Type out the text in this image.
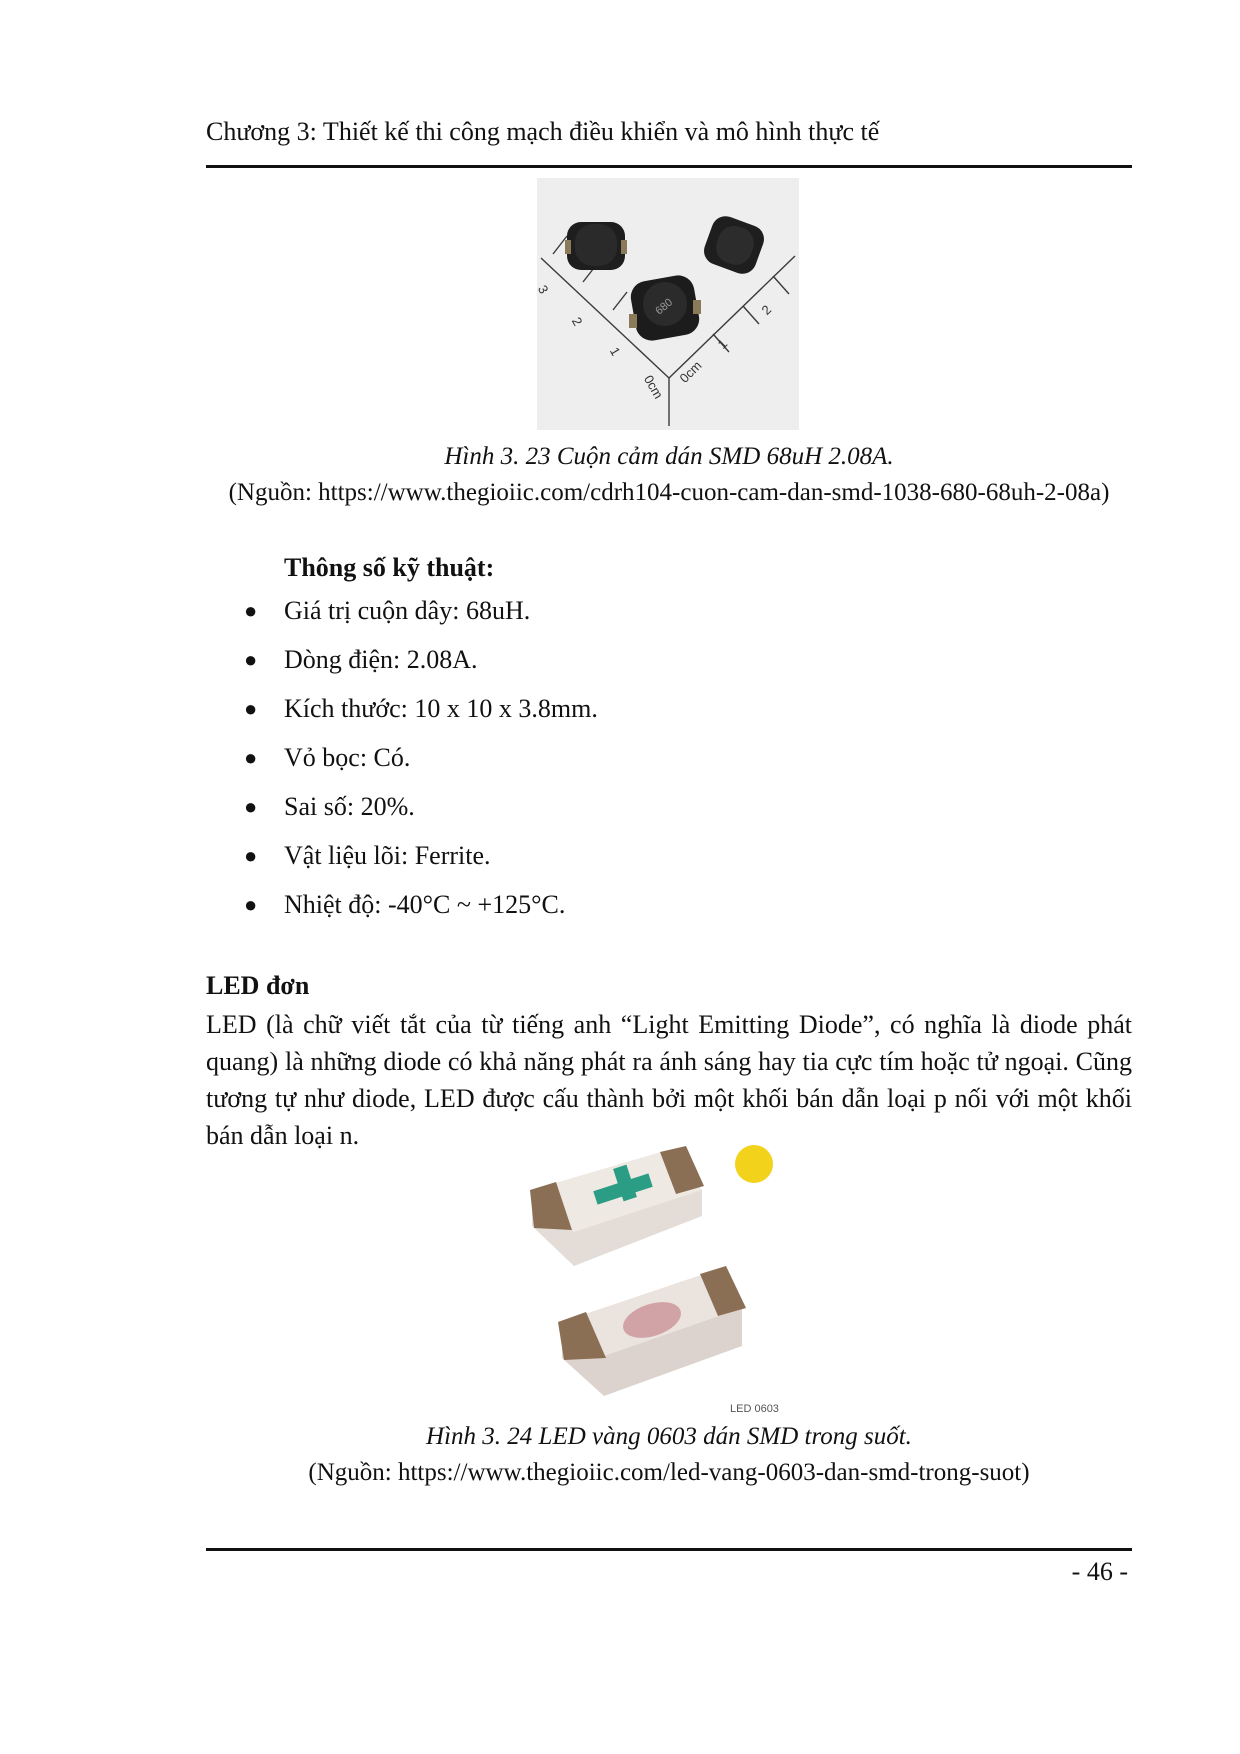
Chương 3: Thiết kế thi công mạch điều khiển và mô hình thực tế
3
2
1
0cm
0cm
1
2
680
Hình 3. 23 Cuộn cảm dán SMD 68uH 2.08A.
(Nguồn: https://www.thegioiic.com/cdrh104-cuon-cam-dan-smd-1038-680-68uh-2-08a)
Thông số kỹ thuật:
● Giá trị cuộn dây: 68uH.
● Dòng điện: 2.08A.
● Kích thước: 10 x 10 x 3.8mm.
● Vỏ bọc: Có.
● Sai số: 20%.
● Vật liệu lõi: Ferrite.
● Nhiệt độ: -40°C ~ +125°C.
LED đơn
LED (là chữ viết tắt của từ tiếng anh “Light Emitting Diode”, có nghĩa là diode phát quang) là những diode có khả năng phát ra ánh sáng hay tia cực tím hoặc tử ngoại. Cũng tương tự như diode, LED được cấu thành bởi một khối bán dẫn loại p nối với một khối bán dẫn loại n.
LED 0603
Hình 3. 24 LED vàng 0603 dán SMD trong suốt.
(Nguồn: https://www.thegioiic.com/led-vang-0603-dan-smd-trong-suot)
- 46 -
